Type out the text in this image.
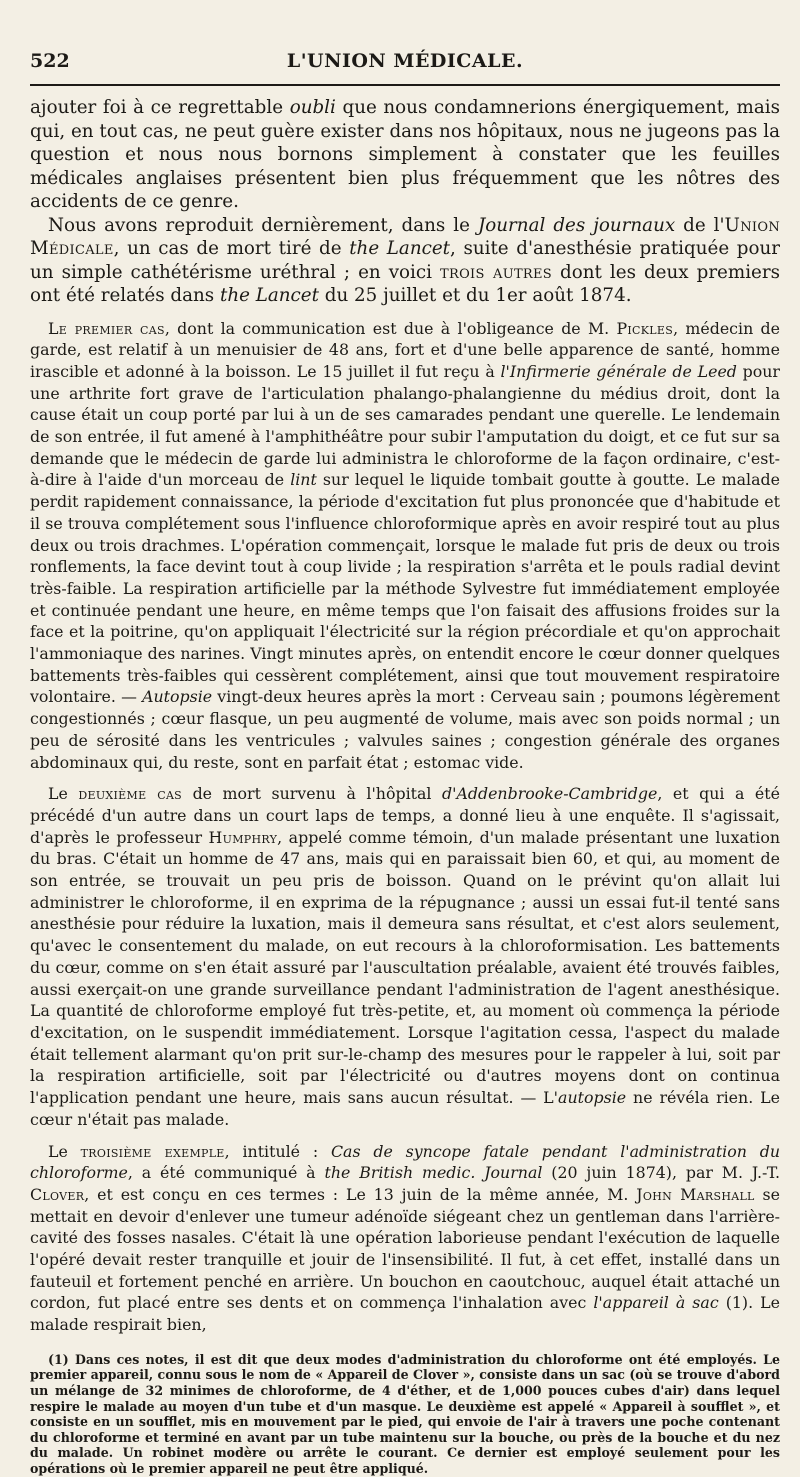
522	L'UNION MÉDICALE.

ajouter foi à ce regrettable oubli que nous condamnerions énergiquement, mais qui, en tout cas, ne peut guère exister dans nos hôpitaux, nous ne jugeons pas la question et nous nous bornons simplement à constater que les feuilles médicales anglaises présentent bien plus fréquemment que les nôtres des accidents de ce genre.

Nous avons reproduit dernièrement, dans le Journal des journaux de l'Union Médicale, un cas de mort tiré de the Lancet, suite d'anesthésie pratiquée pour un simple cathétérisme uréthral ; en voici trois autres dont les deux premiers ont été relatés dans the Lancet du 25 juillet et du 1er août 1874.

Le premier cas, dont la communication est due à l'obligeance de M. Pickles, médecin de garde, est relatif à un menuisier de 48 ans, fort et d'une belle apparence de santé, homme irascible et adonné à la boisson. Le 15 juillet il fut reçu à l'Infirmerie générale de Leed pour une arthrite fort grave de l'articulation phalango-phalangienne du médius droit, dont la cause était un coup porté par lui à un de ses camarades pendant une querelle. Le lendemain de son entrée, il fut amené à l'amphithéâtre pour subir l'amputation du doigt, et ce fut sur sa demande que le médecin de garde lui administra le chloroforme de la façon ordinaire, c'est-à-dire à l'aide d'un morceau de lint sur lequel le liquide tombait goutte à goutte. Le malade perdit rapidement connaissance, la période d'excitation fut plus prononcée que d'habitude et il se trouva complétement sous l'influence chloroformique après en avoir respiré tout au plus deux ou trois drachmes. L'opération commençait, lorsque le malade fut pris de deux ou trois ronflements, la face devint tout à coup livide ; la respiration s'arrêta et le pouls radial devint très-faible. La respiration artificielle par la méthode Sylvestre fut immédiatement employée et continuée pendant une heure, en même temps que l'on faisait des affusions froides sur la face et la poitrine, qu'on appliquait l'électricité sur la région précordiale et qu'on approchait l'ammoniaque des narines. Vingt minutes après, on entendit encore le cœur donner quelques battements très-faibles qui cessèrent complétement, ainsi que tout mouvement respiratoire volontaire. — Autopsie vingt-deux heures après la mort : Cerveau sain ; poumons légèrement congestionnés ; cœur flasque, un peu augmenté de volume, mais avec son poids normal ; un peu de sérosité dans les ventricules ; valvules saines ; congestion générale des organes abdominaux qui, du reste, sont en parfait état ; estomac vide.

Le deuxième cas de mort survenu à l'hôpital d'Addenbrooke-Cambridge, et qui a été précédé d'un autre dans un court laps de temps, a donné lieu à une enquête. Il s'agissait, d'après le professeur Humphry, appelé comme témoin, d'un malade présentant une luxation du bras. C'était un homme de 47 ans, mais qui en paraissait bien 60, et qui, au moment de son entrée, se trouvait un peu pris de boisson. Quand on le prévint qu'on allait lui administrer le chloroforme, il en exprima de la répugnance ; aussi un essai fut-il tenté sans anesthésie pour réduire la luxation, mais il demeura sans résultat, et c'est alors seulement, qu'avec le consentement du malade, on eut recours à la chloroformisation. Les battements du cœur, comme on s'en était assuré par l'auscultation préalable, avaient été trouvés faibles, aussi exerçait-on une grande surveillance pendant l'administration de l'agent anesthésique. La quantité de chloroforme employé fut très-petite, et, au moment où commença la période d'excitation, on le suspendit immédiatement. Lorsque l'agitation cessa, l'aspect du malade était tellement alarmant qu'on prit sur-le-champ des mesures pour le rappeler à lui, soit par la respiration artificielle, soit par l'électricité ou d'autres moyens dont on continua l'application pendant une heure, mais sans aucun résultat. — L'autopsie ne révéla rien. Le cœur n'était pas malade.

Le troisième exemple, intitulé : Cas de syncope fatale pendant l'administration du chloroforme, a été communiqué à the British medic. Journal (20 juin 1874), par M. J.-T. Clover, et est conçu en ces termes : Le 13 juin de la même année, M. John Marshall se mettait en devoir d'enlever une tumeur adénoïde siégeant chez un gentleman dans l'arrière-cavité des fosses nasales. C'était là une opération laborieuse pendant l'exécution de laquelle l'opéré devait rester tranquille et jouir de l'insensibilité. Il fut, à cet effet, installé dans un fauteuil et fortement penché en arrière. Un bouchon en caoutchouc, auquel était attaché un cordon, fut placé entre ses dents et on commença l'inhalation avec l'appareil à sac (1). Le malade respirait bien,

(1) Dans ces notes, il est dit que deux modes d'administration du chloroforme ont été employés. Le premier appareil, connu sous le nom de « Appareil de Clover », consiste dans un sac (où se trouve d'abord un mélange de 32 minimes de chloroforme, de 4 d'éther, et de 1,000 pouces cubes d'air) dans lequel respire le malade au moyen d'un tube et d'un masque. Le deuxième est appelé « Appareil à soufflet », et consiste en un soufflet, mis en mouvement par le pied, qui envoie de l'air à travers une poche contenant du chloroforme et terminé en avant par un tube maintenu sur la bouche, ou près de la bouche et du nez du malade. Un robinet modère ou arrête le courant. Ce dernier est employé seulement pour les opérations où le premier appareil ne peut être appliqué.
